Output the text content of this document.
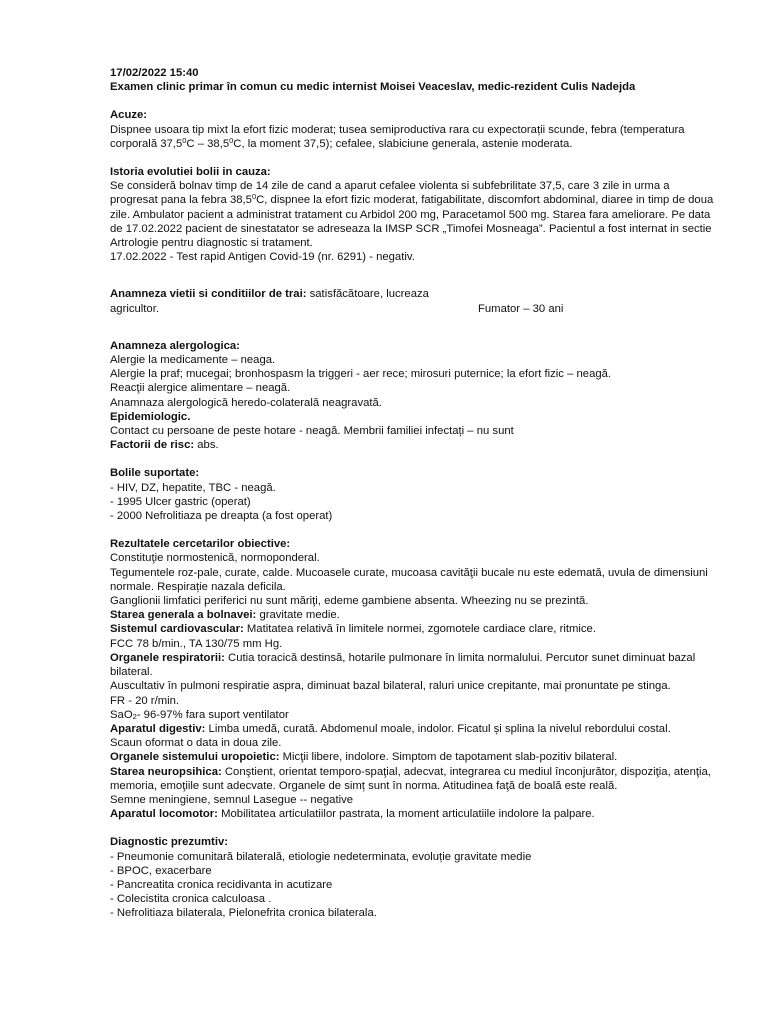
17/02/2022 15:40
Examen clinic primar în comun cu medic internist Moisei Veaceslav, medic-rezident Culis Nadejda
Acuze:
Dispnee usoara tip mixt la efort fizic moderat; tusea semiproductiva rara cu expectorații scunde, febra (temperatura corporală 37,5$^0$C – 38,5$^0$C, la moment 37,5); cefalee, slabiciune generala, astenie moderata.
Istoria evolutiei bolii in cauza:
Se consideră bolnav timp de 14 zile de cand a aparut cefalee violenta si subfebrilitate 37,5, care 3 zile in urma a progresat pana la febra 38,5$^0$C, dispnee la efort fizic moderat, fatigabilitate, discomfort abdominal, diaree in timp de doua zile. Ambulator pacient a administrat tratament cu Arbidol 200 mg, Paracetamol 500 mg. Starea fara ameliorare. Pe data de 17.02.2022 pacient de sinestatator se adreseaza la IMSP SCR „Timofei Mosneaga”. Pacientul a fost internat in sectie Artrologie pentru diagnostic si tratament.
17.02.2022 - Test rapid Antigen Covid-19 (nr. 6291) - negativ.
Anamneza vietii si conditiilor de trai: satisfăcătoare, lucreaza
agricultor.	Fumator – 30 ani
Anamneza alergologica:
Alergie la medicamente – neaga.
Alergie la praf; mucegai; bronhospasm la triggeri - aer rece; mirosuri puternice; la efort fizic – neagă.
Reacţii alergice alimentare – neagă.
Anamnaza alergologică heredo-colaterală neagravată.
Epidemiologic.
Contact cu persoane de peste hotare - neagă. Membrii familiei infectați – nu sunt
Factorii de risc: abs.
Bolile suportate:
- HIV, DZ, hepatite, TBC - neagă.
- 1995 Ulcer gastric (operat)
- 2000 Nefrolitiaza pe dreapta (a fost operat)
Rezultatele cercetarilor obiective:
Constituţie normostenică, normoponderal.
Tegumentele roz-pale, curate, calde. Mucoasele curate, mucoasa cavităţii bucale nu este edemată, uvula de dimensiuni normale. Respirație nazala deficila.
Ganglionii limfatici periferici nu sunt măriţi, edeme gambiene absenta. Wheezing nu se prezintă.
Starea generala a bolnavei: gravitate medie.
Sistemul cardiovascular: Matitatea relativă în limitele normei, zgomotele cardiace clare, ritmice.
FCC 78 b/min., TA 130/75 mm Hg.
Organele respiratorii: Cutia toracică destinsă, hotarile pulmonare în limita normalului. Percutor sunet diminuat bazal bilateral.
Auscultativ în pulmoni respiratie aspra, diminuat bazal bilateral, raluri unice crepitante, mai pronuntate pe stinga.
FR - 20 r/min.
SaO$_2$- 96-97% fara suport ventilator
Aparatul digestiv: Limba umedă, curată. Abdomenul moale, indolor. Ficatul și splina la nivelul rebordului costal.
Scaun oformat o data in doua zile.
Organele sistemului uropoietic: Micţii libere, indolore. Simptom de tapotament slab-pozitiv bilateral.
Starea neuropsihica: Conştient, orientat temporo-spaţial, adecvat, integrarea cu mediul înconjurător, dispoziţia, atenţia, memoria, emoţiile sunt adecvate. Organele de simț sunt în norma. Atitudinea faţă de boală este reală.
Semne meningiene, semnul Lasegue -- negative
Aparatul locomotor: Mobilitatea articulatiilor pastrata, la moment articulatiile indolore la palpare.
Diagnostic prezumtiv:
- Pneumonie comunitară bilaterală, etiologie nedeterminata, evoluție gravitate medie
- BPOC, exacerbare
- Pancreatita cronica recidivanta in acutizare
- Colecistita cronica calculoasa .
- Nefrolitiaza bilaterala, Pielonefrita cronica bilaterala.
